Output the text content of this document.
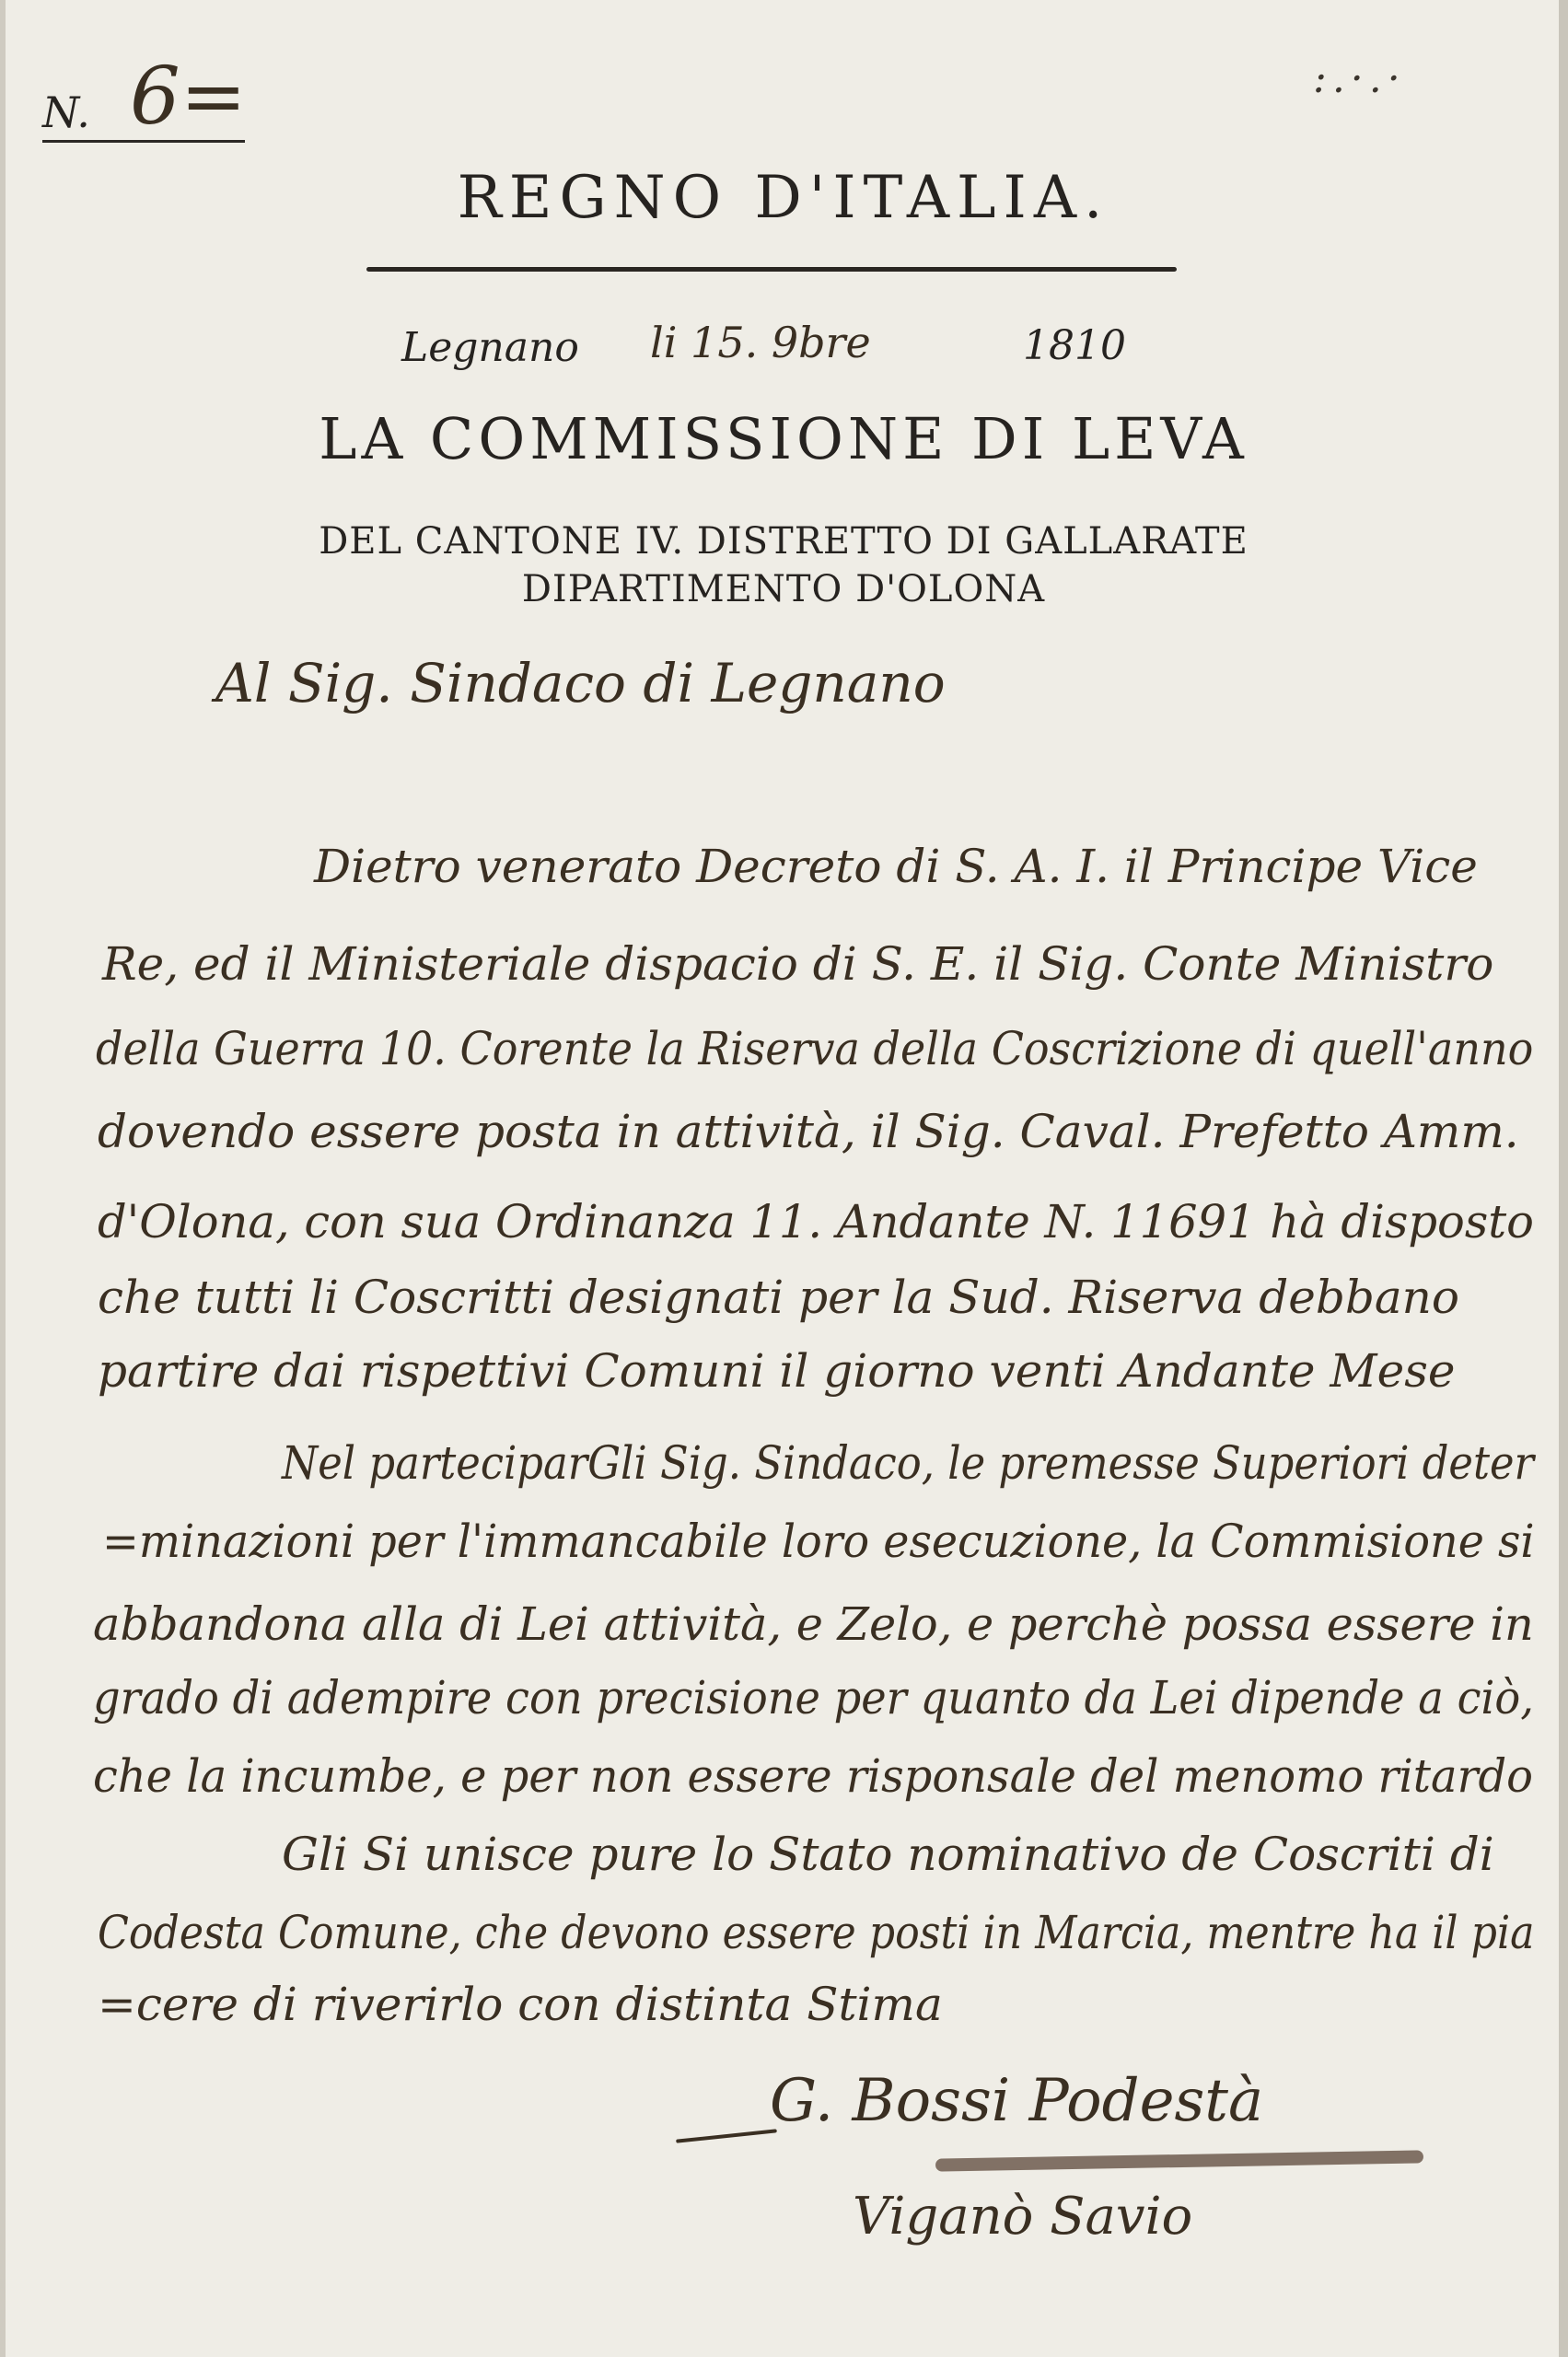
N. 6=	:.·.·
REGNO D'ITALIA.
Legnano li 15. 9bre	1810
LA COMMISSIONE DI LEVA
DEL CANTONE IV. DISTRETTO DI GALLARATE
DIPARTIMENTO D'OLONA
Al Sig. Sindaco di Legnano
Dietro venerato Decreto di S. A. I. il Principe Vice
Re, ed il Ministeriale dispacio di S. E. il Sig. Conte Ministro
della Guerra 10. Corente la Riserva della Coscrizione di quell'anno
dovendo essere posta in attività, il Sig. Caval. Prefetto Amm.
d'Olona, con sua Ordinanza 11. Andante N. 11691 hà disposto
che tutti li Coscritti designati per la Sud. Riserva debbano
partire dai rispettivi Comuni il giorno venti Andante Mese
Nel parteciparGli Sig. Sindaco, le premesse Superiori deter
=minazioni per l'immancabile loro esecuzione, la Commisione si
abbandona alla di Lei attività, e Zelo, e perchè possa essere in
grado di adempire con precisione per quanto da Lei dipende a ciò,
che la incumbe, e per non essere risponsale del menomo ritardo
Gli Si unisce pure lo Stato nominativo de Coscriti di
Codesta Comune, che devono essere posti in Marcia, mentre ha il pia
=cere di riverirlo con distinta Stima
G. Bossi Podestà
Viganò Savio
